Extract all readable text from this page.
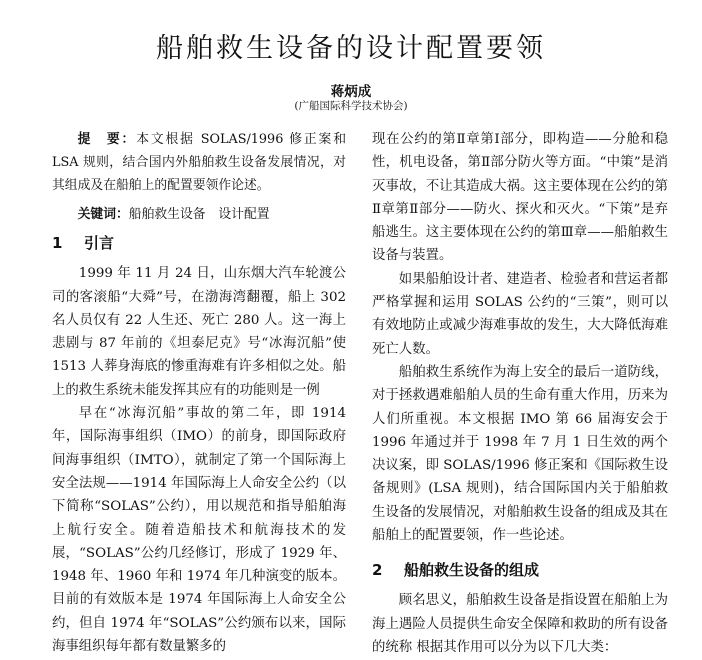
船舶救生设备的设计配置要领
蒋炳成
(广船国际科学技术协会)

提　要：本文根据 SOLAS/1996 修正案和 LSA 规则，结合国内外船舶救生设备发展情况，对其组成及在船舶上的配置要领作论述。

关键词：船舶救生设备　设计配置

1 引言

1999 年 11 月 24 日，山东烟大汽车轮渡公司的客滚船“大舜”号，在渤海湾翻覆，船上 302 名人员仅有 22 人生还、死亡 280 人。这一海上悲剧与 87 年前的《坦泰尼克》号“冰海沉船”使 1513 人葬身海底的惨重海难有许多相似之处。船上的救生系统未能发挥其应有的功能则是一例

早在“冰海沉船”事故的第二年，即 1914 年，国际海事组织（IMO）的前身，即国际政府间海事组织（IMTO），就制定了第一个国际海上安全法规——1914 年国际海上人命安全公约（以下简称“SOLAS”公约），用以规范和指导船舶海上航行安全。随着造船技术和航海技术的发展，“SOLAS”公约几经修订，形成了 1929 年、1948 年、1960 年和 1974 年几种演变的版本。目前的有效版本是 1974 年国际海上人命安全公约，但自 1974 年“SOLAS”公约颁布以来，国际海事组织每年都有数量繁多的

现在公约的第Ⅱ章第Ⅰ部分，即构造——分舱和稳性，机电设备，第Ⅱ部分防火等方面。“中策”是消灭事故，不让其造成大祸。这主要体现在公约的第Ⅱ章第Ⅱ部分——防火、探火和灭火。“下策”是弃船逃生。这主要体现在公约的第Ⅲ章——船舶救生设备与装置。

如果船舶设计者、建造者、检验者和营运者都严格掌握和运用 SOLAS 公约的“三策”，则可以有效地防止或减少海难事故的发生，大大降低海难死亡人数。

船舶救生系统作为海上安全的最后一道防线，对于拯救遇难船舶人员的生命有重大作用，历来为人们所重视。本文根据 IMO 第 66 届海安会于 1996 年通过并于 1998 年 7 月 1 日生效的两个决议案，即 SOLAS/1996 修正案和《国际救生设备规则》(LSA 规则)，结合国际国内关于船舶救生设备的发展情况，对船舶救生设备的组成及其在船舶上的配置要领，作一些论述。

2 船舶救生设备的组成

顾名思义，船舶救生设备是指设置在船舶上为海上遇险人员提供生命安全保障和救助的所有设备的统称 根据其作用可以分为以下几大类：
